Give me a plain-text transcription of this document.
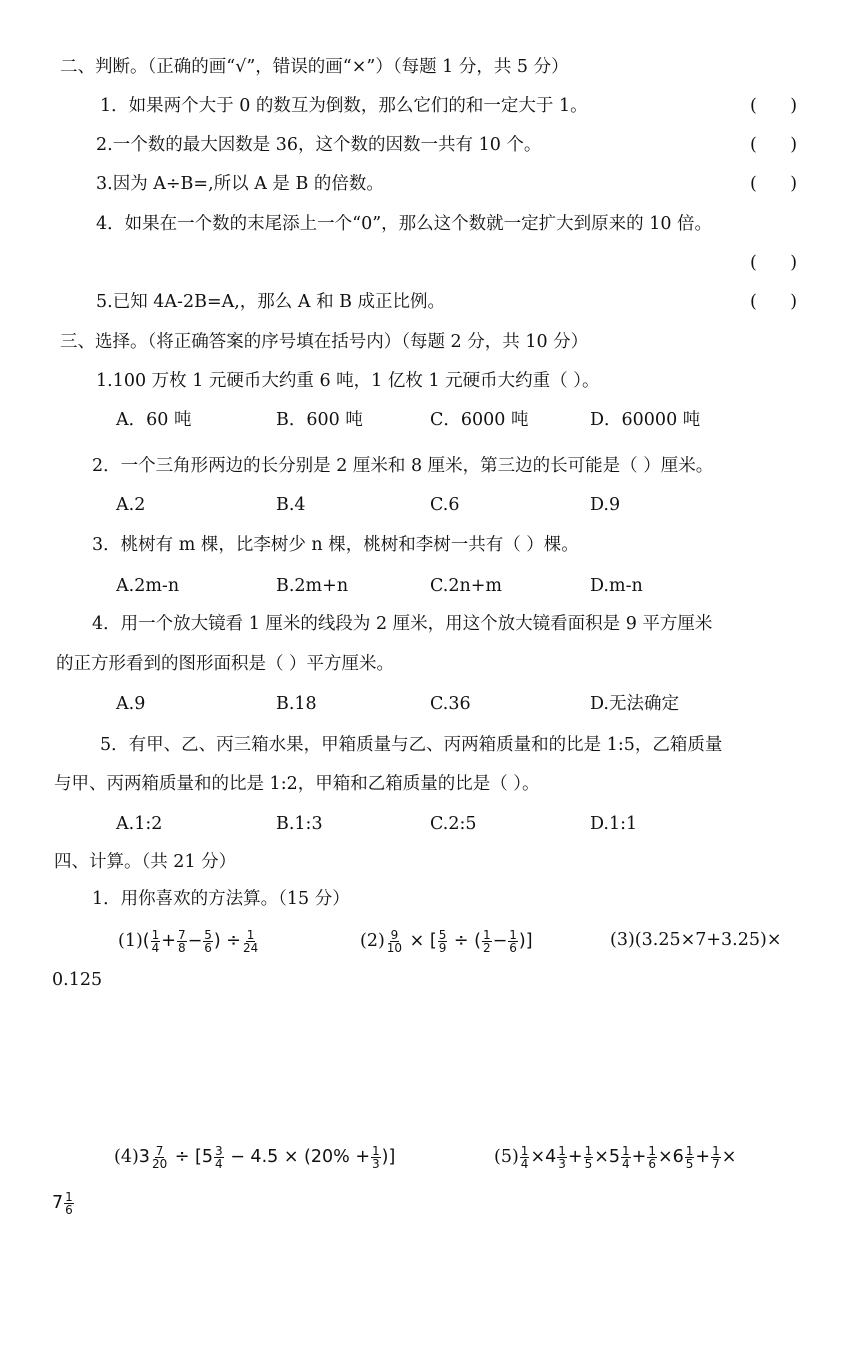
二、判断。（正确的画“√”，错误的画“×”）（每题 1 分，共 5 分）
1．如果两个大于 0 的数互为倒数，那么它们的和一定大于 1。	(      )
2.一个数的最大因数是 36，这个数的因数一共有 10 个。	(      )
3.因为 A÷B=,所以 A 是 B 的倍数。	(      )
4．如果在一个数的末尾添上一个“0”，那么这个数就一定扩大到原来的 10 倍。
(      )
5.已知 4A-2B=A,，那么 A 和 B 成正比例。	(      )
三、选择。（将正确答案的序号填在括号内）（每题 2 分，共 10 分）
1.100 万枚 1 元硬币大约重 6 吨，1 亿枚 1 元硬币大约重（ ）。
A．60 吨	B．600 吨	C．6000 吨	D．60000 吨
2．一个三角形两边的长分别是 2 厘米和 8 厘米，第三边的长可能是（ ）厘米。
A.2	B.4	C.6	D.9
3．桃树有 m 棵，比李树少 n 棵，桃树和李树一共有（ ）棵。
A.2m-n	B.2m+n	C.2n+m	D.m-n
4．用一个放大镜看 1 厘米的线段为 2 厘米，用这个放大镜看面积是 9 平方厘米
的正方形看到的图形面积是（ ）平方厘米。
A.9	B.18	C.36	D.无法确定
5．有甲、乙、丙三箱水果，甲箱质量与乙、丙两箱质量和的比是 1:5，乙箱质量
与甲、丙两箱质量和的比是 1:2，甲箱和乙箱质量的比是（ ）。
A.1:2	B.1:3	C.2:5	D.1:1
四、计算。（共 21 分）
1．用你喜欢的方法算。（15 分）
$(1)( \frac{1}{4} + \frac{7}{8} - \frac{5}{6}$ ) ÷ $\frac{1}{24}$	$(2) \frac{9}{10}$ × [ $\frac{5}{9}$ ÷ ( $\frac{1}{2} - \frac{1}{6}$ )]	(3)(3.25×7+3.25)×
0.125
$(4)3 \frac{7}{20} \div [5 \frac{3}{4} - 4.5 \times (20\% + \frac{1}{3}$ )]	$(5) \frac{1}{4} \times 4 \frac{1}{3} + \frac{1}{5} \times 5 \frac{1}{4} + \frac{1}{6} \times 6 \frac{1}{5} + \frac{1}{7}$ ×
$7 \frac{1}{6}$
